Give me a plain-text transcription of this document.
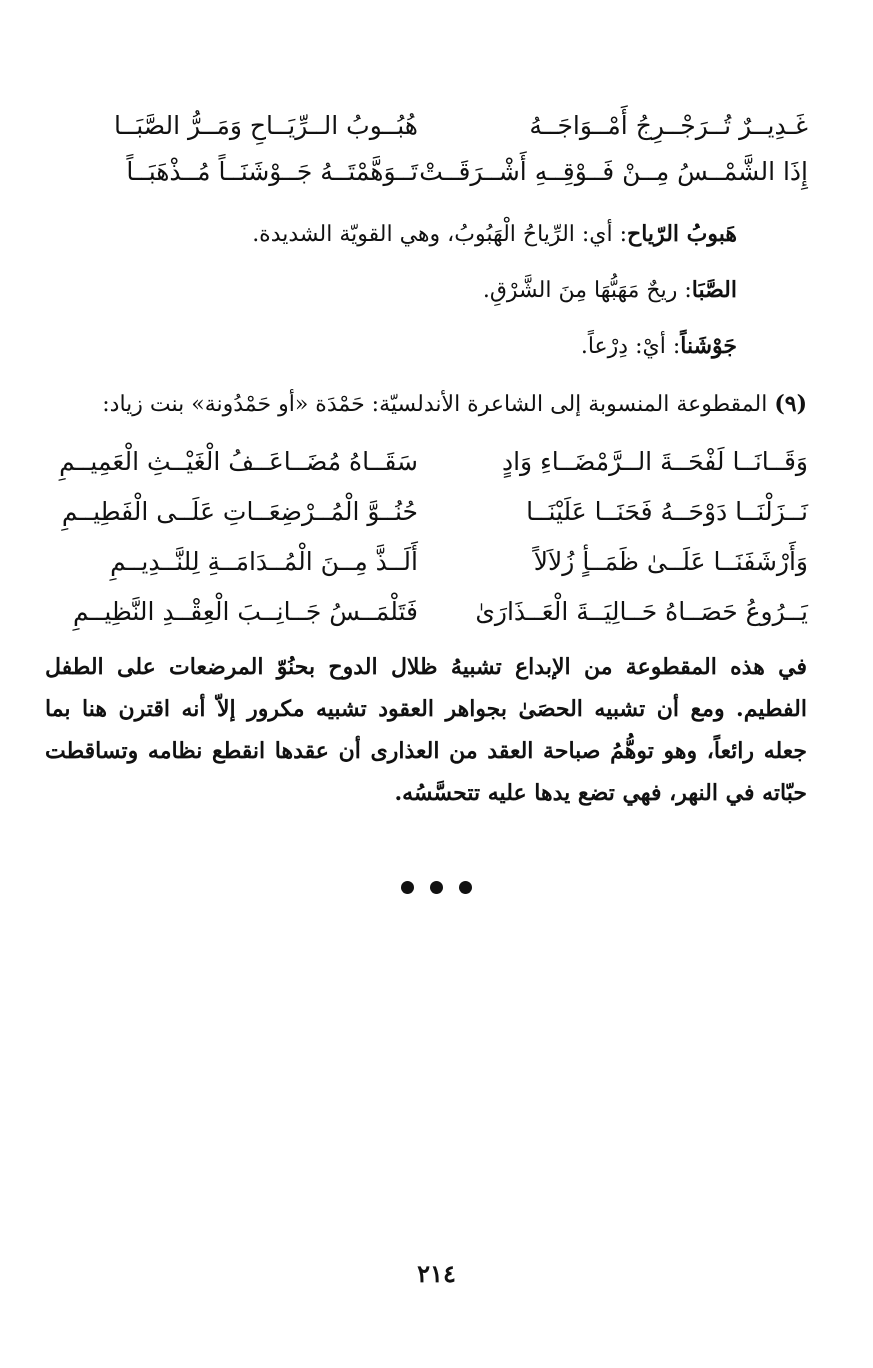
غَـدِيــرٌ تُــرَجْــرِجُ أَمْــوَاجَــهُ
هُبُــوبُ الــرِّيَــاحِ وَمَــرُّ الصَّبَــا
إِذَا الشَّمْــسُ مِــنْ فَــوْقِــهِ أَشْــرَقَــتْ
تَــوَهَّمْتَــهُ جَــوْشَنَــاً مُــذْهَبَــاً
هَبوبُ الرّياح: أي: الرِّياحُ الْهَبُوبُ، وهي القويّة الشديدة.
الصَّبَا: ريحٌ مَهَبُّهَا مِنَ الشَّرْقِ.
جَوْشَناً: أيْ: دِرْعاً.
(٩) المقطوعة المنسوبة إلى الشاعرة الأندلسيّة: حَمْدَة «أو حَمْدُونة» بنت زياد:
وَقَــانَــا لَفْحَــةَ الــرَّمْضَــاءِ وَادٍ
سَقَــاهُ مُضَــاعَــفُ الْغَيْــثِ الْعَمِيــمِ
نَــزَلْنَــا دَوْحَــهُ فَحَنَــا عَلَيْنَــا
حُنُــوَّ الْمُــرْضِعَــاتِ عَلَــى الْفَطِيــمِ
وَأَرْشَفَنَــا عَلَــىٰ ظَمَــأٍ زُلاَلاً
أَلَــذَّ مِــنَ الْمُــدَامَــةِ لِلنَّــدِيــمِ
يَــرُوعُ حَصَــاهُ حَــالِيَــةَ الْعَــذَارَىٰ
فَتَلْمَــسُ جَــانِــبَ الْعِقْــدِ النَّظِيــمِ

في هذه المقطوعة من الإبداع تشبيهُ ظلال الدوح بحنُوّ المرضعات على الطفل الفطيم. ومع أن تشبيه الحصَىٰ بجواهر العقود تشبيه مكرور إلاّ أنه اقترن هنا بما جعله رائعاً، وهو توهُّمُ صباحة العقد من العذارى أن عقدها انقطع نظامه وتساقطت حبّاته في النهر، فهي تضع يدها عليه تتحسَّسُه.

٢١٤
